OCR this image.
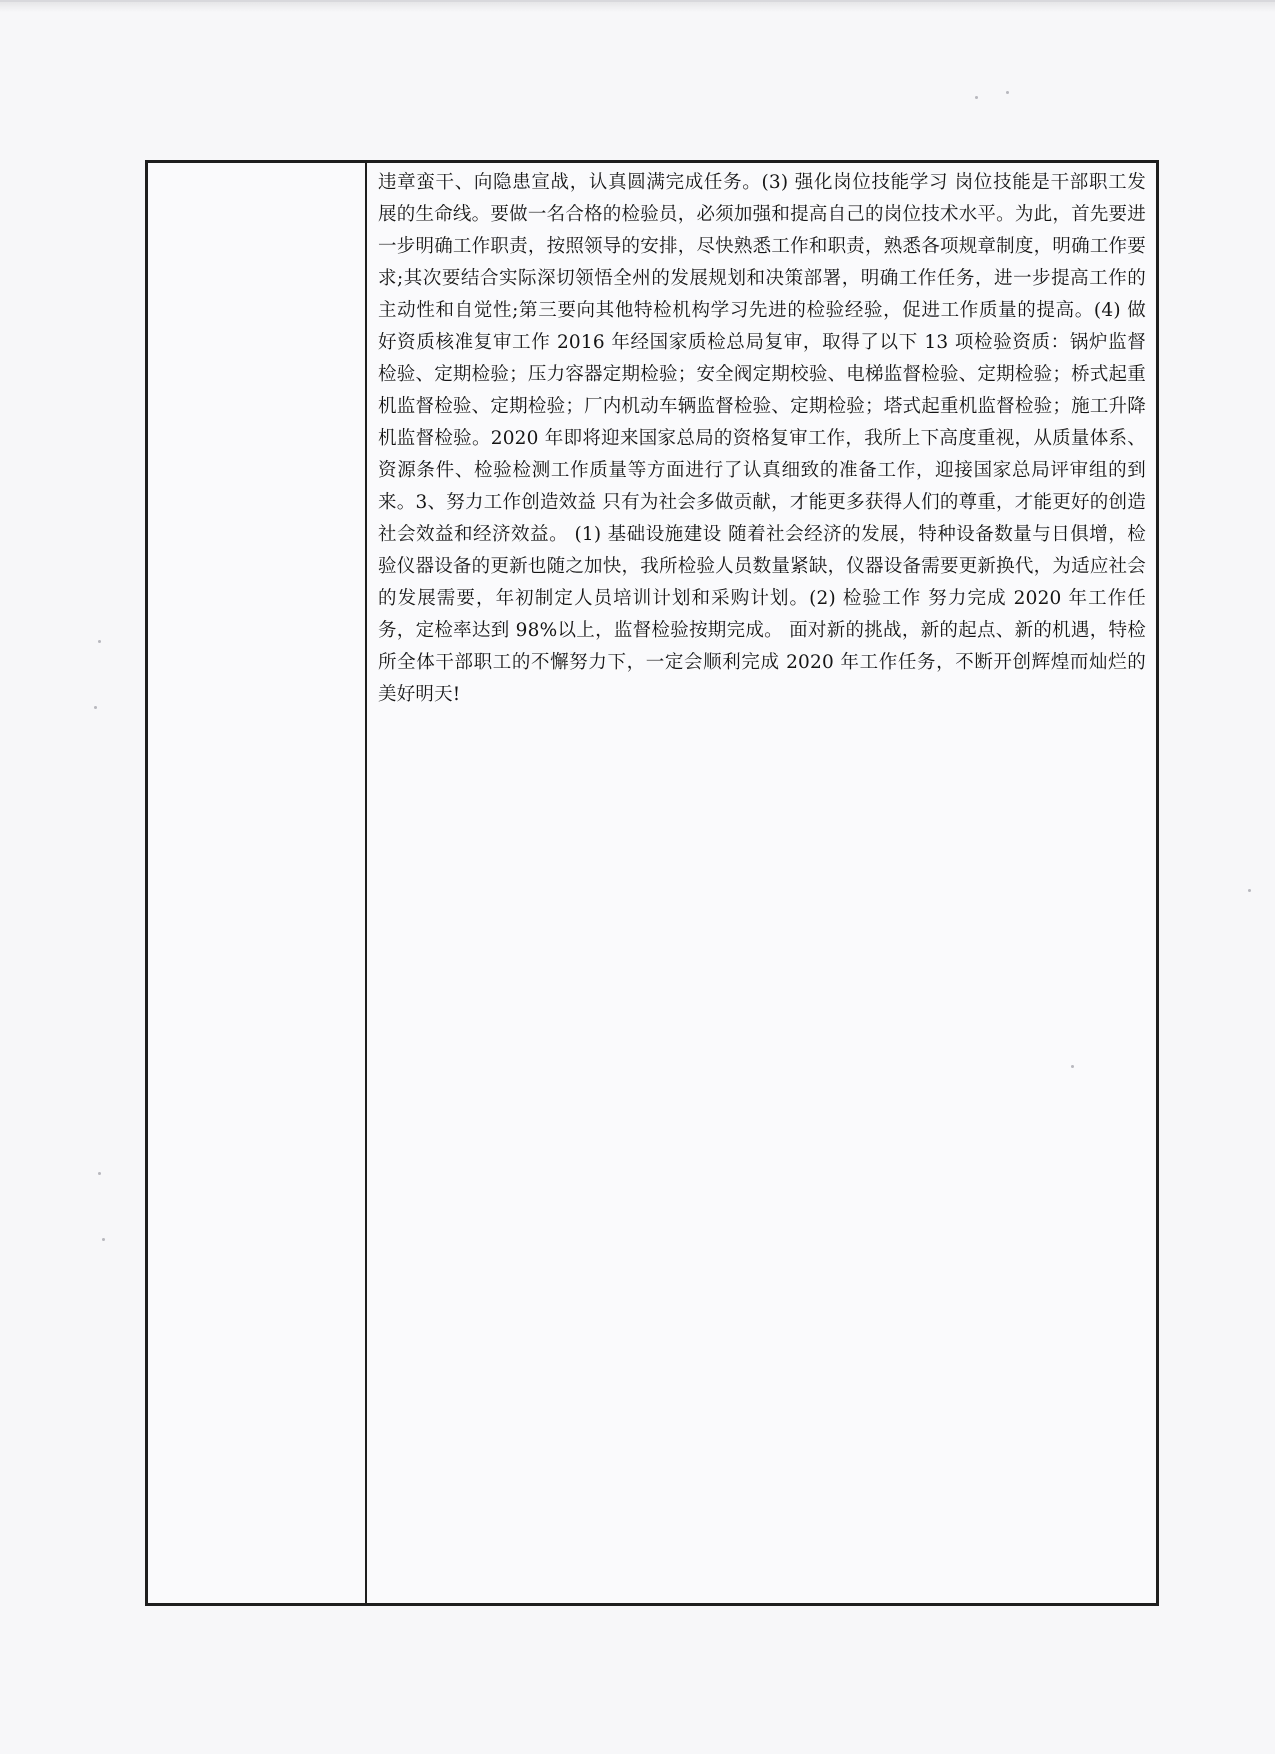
违章蛮干、向隐患宣战，认真圆满完成任务。(3) 强化岗位技能学习 岗位技能是干部职工发展的生命线。要做一名合格的检验员，必须加强和提高自己的岗位技术水平。为此，首先要进一步明确工作职责，按照领导的安排，尽快熟悉工作和职责，熟悉各项规章制度，明确工作要求;其次要结合实际深切领悟全州的发展规划和决策部署，明确工作任务，进一步提高工作的主动性和自觉性;第三要向其他特检机构学习先进的检验经验，促进工作质量的提高。(4) 做好资质核准复审工作 2016 年经国家质检总局复审，取得了以下 13 项检验资质：锅炉监督检验、定期检验；压力容器定期检验；安全阀定期校验、电梯监督检验、定期检验；桥式起重机监督检验、定期检验；厂内机动车辆监督检验、定期检验；塔式起重机监督检验；施工升降机监督检验。2020 年即将迎来国家总局的资格复审工作，我所上下高度重视，从质量体系、资源条件、检验检测工作质量等方面进行了认真细致的准备工作，迎接国家总局评审组的到来。3、努力工作创造效益 只有为社会多做贡献，才能更多获得人们的尊重，才能更好的创造社会效益和经济效益。 (1) 基础设施建设 随着社会经济的发展，特种设备数量与日俱增，检验仪器设备的更新也随之加快，我所检验人员数量紧缺，仪器设备需要更新换代，为适应社会的发展需要，年初制定人员培训计划和采购计划。(2) 检验工作 努力完成 2020 年工作任务，定检率达到 98%以上，监督检验按期完成。 面对新的挑战，新的起点、新的机遇，特检所全体干部职工的不懈努力下，一定会顺利完成 2020 年工作任务，不断开创辉煌而灿烂的美好明天!
